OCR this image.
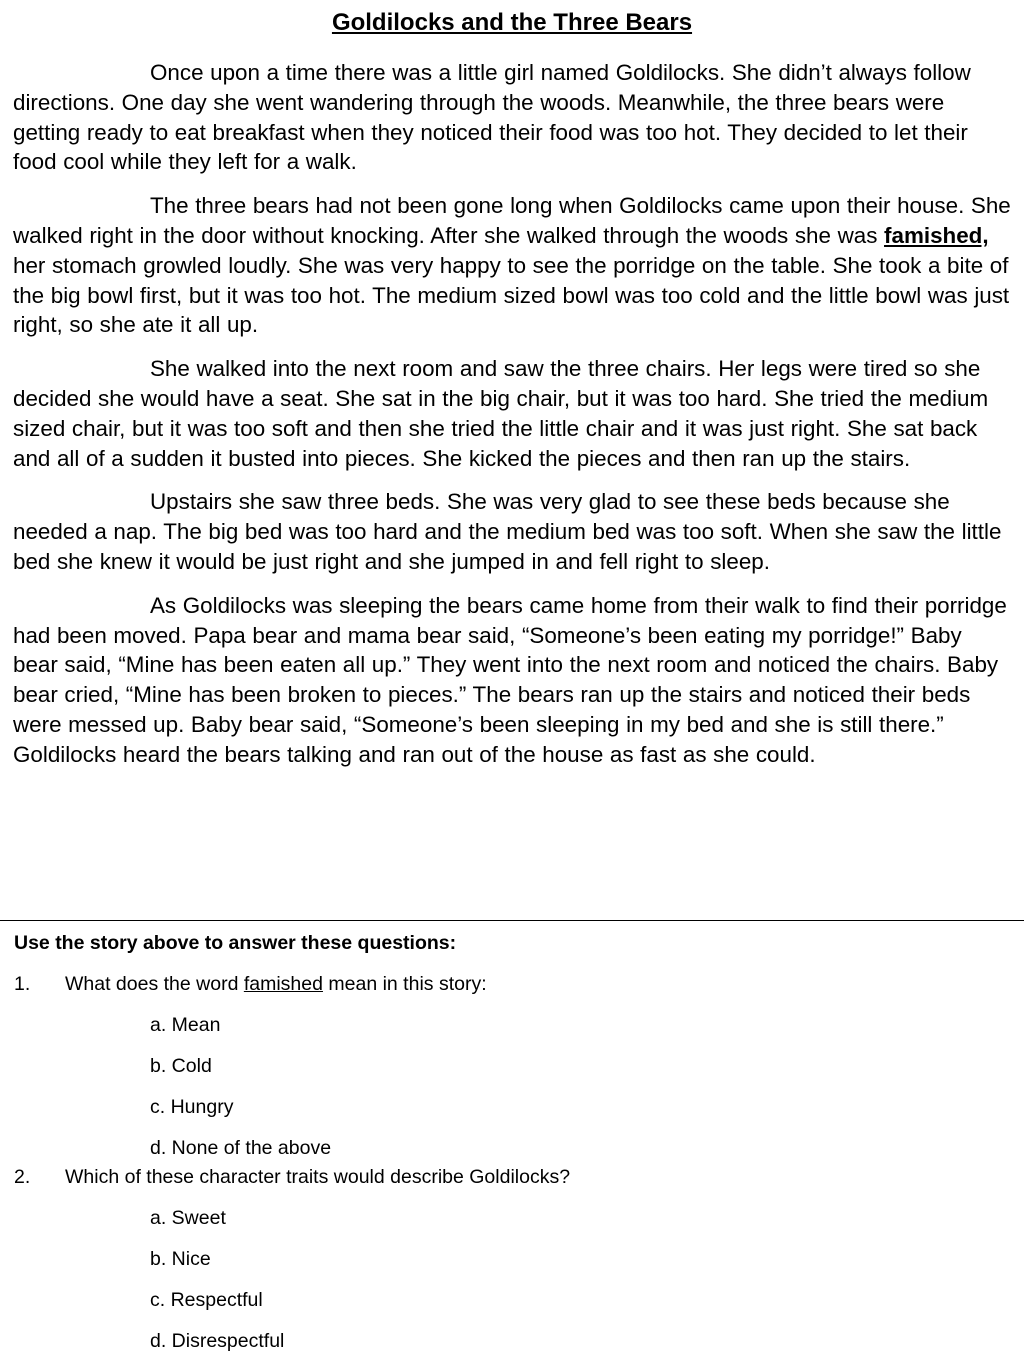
Goldilocks and the Three Bears

Once upon a time there was a little girl named Goldilocks. She didn’t always follow directions. One day she went wandering through the woods. Meanwhile, the three bears were getting ready to eat breakfast when they noticed their food was too hot. They decided to let their food cool while they left for a walk.

The three bears had not been gone long when Goldilocks came upon their house. She walked right in the door without knocking. After she walked through the woods she was famished, her stomach growled loudly. She was very happy to see the porridge on the table. She took a bite of the big bowl first, but it was too hot. The medium sized bowl was too cold and the little bowl was just right, so she ate it all up.

She walked into the next room and saw the three chairs. Her legs were tired so she decided she would have a seat. She sat in the big chair, but it was too hard. She tried the medium sized chair, but it was too soft and then she tried the little chair and it was just right. She sat back and all of a sudden it busted into pieces. She kicked the pieces and then ran up the stairs.

Upstairs she saw three beds. She was very glad to see these beds because she needed a nap. The big bed was too hard and the medium bed was too soft. When she saw the little bed she knew it would be just right and she jumped in and fell right to sleep.

As Goldilocks was sleeping the bears came home from their walk to find their porridge had been moved. Papa bear and mama bear said, “Someone’s been eating my porridge!” Baby bear said, “Mine has been eaten all up.” They went into the next room and noticed the chairs. Baby bear cried, “Mine has been broken to pieces.” The bears ran up the stairs and noticed their beds were messed up. Baby bear said, “Someone’s been sleeping in my bed and she is still there.” Goldilocks heard the bears talking and ran out of the house as fast as she could.

Use the story above to answer these questions:
1. What does the word famished mean in this story:
a. Mean
b. Cold
c. Hungry
d. None of the above
2. Which of these character traits would describe Goldilocks?
a. Sweet
b. Nice
c. Respectful
d. Disrespectful
